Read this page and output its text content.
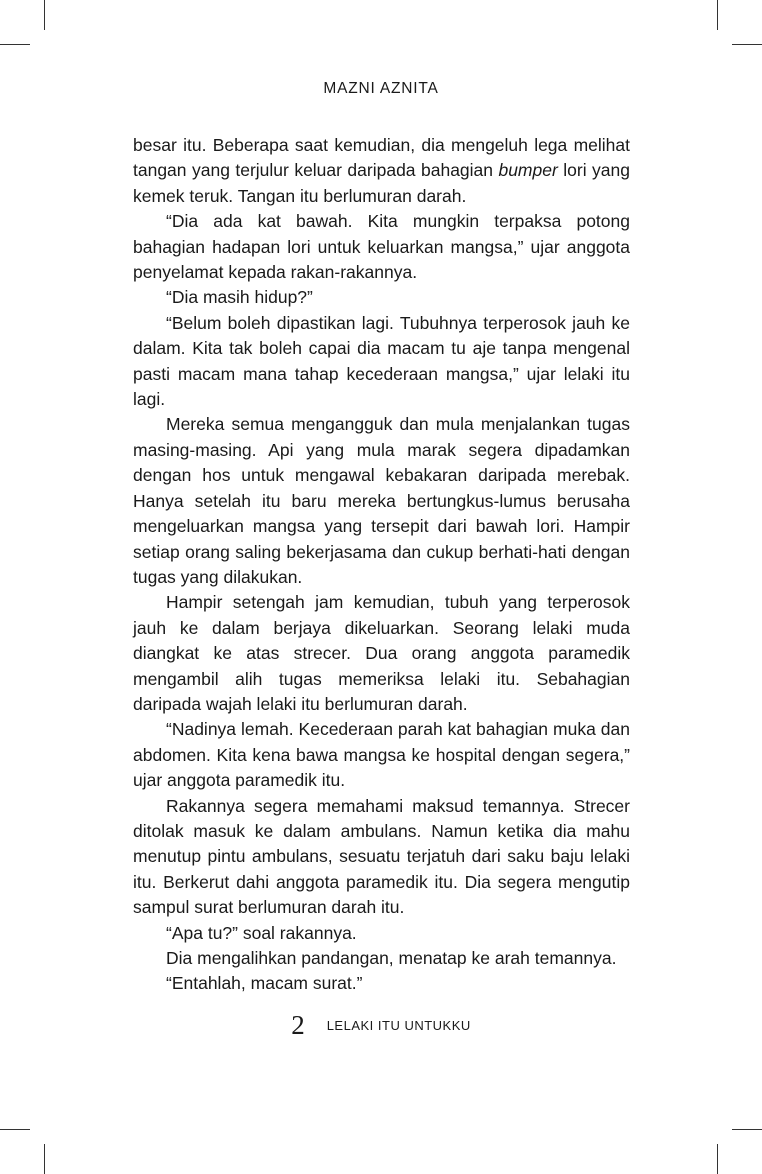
MAZNI AZNITA

besar itu. Beberapa saat kemudian, dia mengeluh lega melihat tangan yang terjulur keluar daripada bahagian bumper lori yang kemek teruk. Tangan itu berlumuran darah.

“Dia ada kat bawah. Kita mungkin terpaksa potong bahagian hadapan lori untuk keluarkan mangsa,” ujar anggota penyelamat kepada rakan-rakannya.

“Dia masih hidup?”

“Belum boleh dipastikan lagi. Tubuhnya terperosok jauh ke dalam. Kita tak boleh capai dia macam tu aje tanpa mengenal pasti macam mana tahap kecederaan mangsa,” ujar lelaki itu lagi.

Mereka semua mengangguk dan mula menjalankan tugas masing-masing. Api yang mula marak segera dipadamkan dengan hos untuk mengawal kebakaran daripada merebak. Hanya setelah itu baru mereka bertungkus-lumus berusaha mengeluarkan mangsa yang tersepit dari bawah lori. Hampir setiap orang saling bekerjasama dan cukup berhati-hati dengan tugas yang dilakukan.

Hampir setengah jam kemudian, tubuh yang terperosok jauh ke dalam berjaya dikeluarkan. Seorang lelaki muda diangkat ke atas strecer. Dua orang anggota paramedik mengambil alih tugas memeriksa lelaki itu. Sebahagian daripada wajah lelaki itu berlumuran darah.

“Nadinya lemah. Kecederaan parah kat bahagian muka dan abdomen. Kita kena bawa mangsa ke hospital dengan segera,” ujar anggota paramedik itu.

Rakannya segera memahami maksud temannya. Strecer ditolak masuk ke dalam ambulans. Namun ketika dia mahu menutup pintu ambulans, sesuatu terjatuh dari saku baju lelaki itu. Berkerut dahi anggota paramedik itu. Dia segera mengutip sampul surat berlumuran darah itu.

“Apa tu?” soal rakannya.

Dia mengalihkan pandangan, menatap ke arah temannya.

“Entahlah, macam surat.”

2 LELAKI ITU UNTUKKU
